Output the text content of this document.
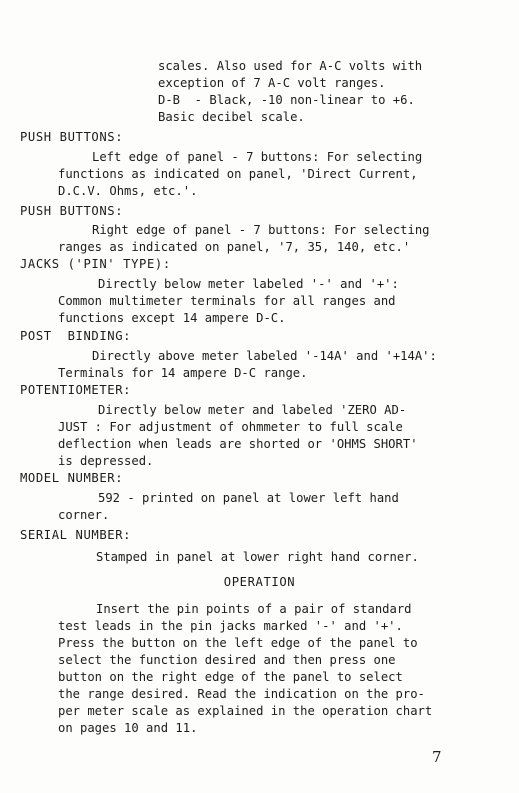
scales. Also used for A-C volts with
exception of 7 A-C volt ranges.
D-B  - Black, -10 non-linear to +6.
Basic decibel scale.
PUSH BUTTONS:
Left edge of panel - 7 buttons: For selecting
functions as indicated on panel, 'Direct Current,
D.C.V. Ohms, etc.'.
PUSH BUTTONS:
Right edge of panel - 7 buttons: For selecting
ranges as indicated on panel, '7, 35, 140, etc.'
JACKS ('PIN' TYPE):
Directly below meter labeled '-' and '+':
Common multimeter terminals for all ranges and
functions except 14 ampere D-C.
POST  BINDING:
Directly above meter labeled '-14A' and '+14A':
Terminals for 14 ampere D-C range.
POTENTIOMETER:
Directly below meter and labeled 'ZERO AD-
JUST : For adjustment of ohmmeter to full scale
deflection when leads are shorted or 'OHMS SHORT'
is depressed.
MODEL NUMBER:
592 - printed on panel at lower left hand
corner.
SERIAL NUMBER:
Stamped in panel at lower right hand corner.
OPERATION
Insert the pin points of a pair of standard
test leads in the pin jacks marked '-' and '+'.
Press the button on the left edge of the panel to
select the function desired and then press one
button on the right edge of the panel to select
the range desired. Read the indication on the pro-
per meter scale as explained in the operation chart
on pages 10 and 11.
7
